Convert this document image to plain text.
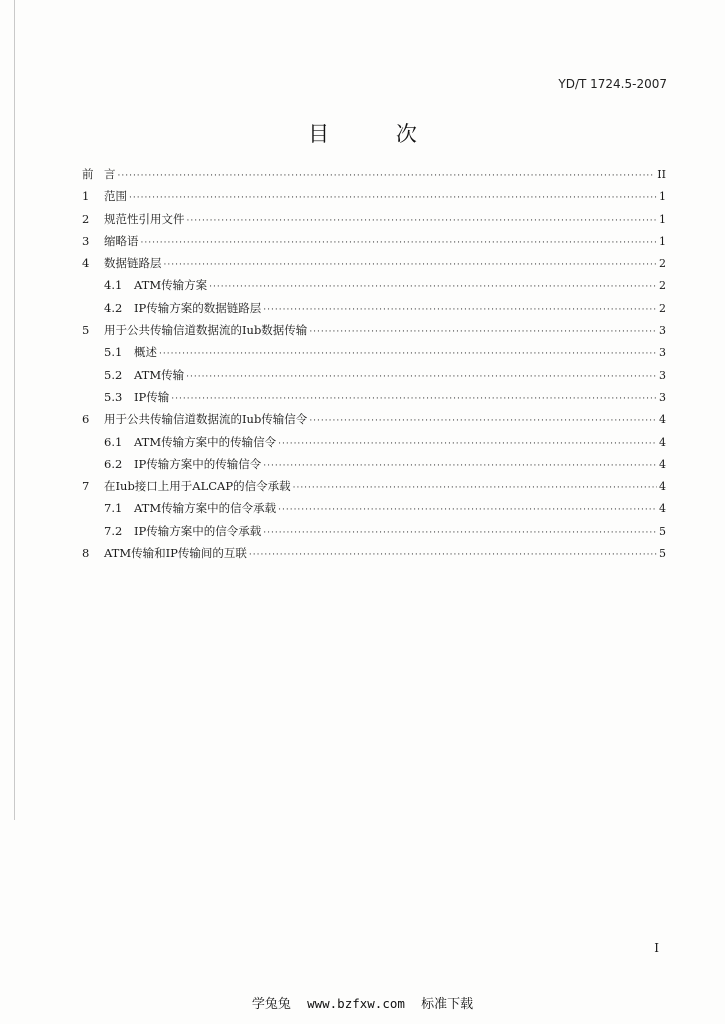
YD/T 1724.5-2007
目 次
前 言 ·····	II
1	范围 ·····	1
2	规范性引用文件 ·····	1
3	缩略语 ·····	1
4	数据链路层 ·····	2
4.1	ATM传输方案 ·····	2
4.2	IP传输方案的数据链路层 ·····	2
5	用于公共传输信道数据流的Iub数据传输 ·····	3
5.1	概述 ·····	3
5.2	ATM传输 ·····	3
5.3	IP传输 ·····	3
6	用于公共传输信道数据流的Iub传输信令 ·····	4
6.1	ATM传输方案中的传输信令 ·····	4
6.2	IP传输方案中的传输信令 ·····	4
7	在Iub接口上用于ALCAP的信令承载 ·····	4
7.1	ATM传输方案中的信令承载 ·····	4
7.2	IP传输方案中的信令承载 ·····	5
8	ATM传输和IP传输间的互联 ·····	5
I
学兔兔 www.bzfxw.com 标准下载
